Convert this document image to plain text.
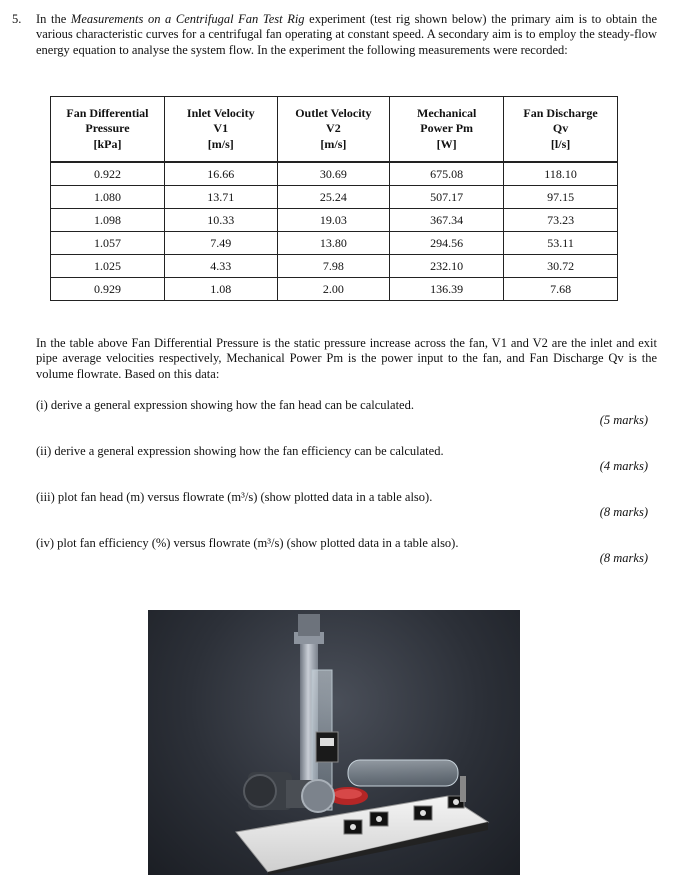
5. In the Measurements on a Centrifugal Fan Test Rig experiment (test rig shown below) the primary aim is to obtain the various characteristic curves for a centrifugal fan operating at constant speed. A secondary aim is to employ the steady-flow energy equation to analyse the system flow. In the experiment the following measurements were recorded:

Fan Differential
Pressure
[kPa]	Inlet Velocity
V1
[m/s]	Outlet Velocity
V2
[m/s]	Mechanical
Power Pm
[W]	Fan Discharge
Qv
[l/s]
0.922	16.66	30.69	675.08	118.10
1.080	13.71	25.24	507.17	97.15
1.098	10.33	19.03	367.34	73.23
1.057	7.49	13.80	294.56	53.11
1.025	4.33	7.98	232.10	30.72
0.929	1.08	2.00	136.39	7.68

In the table above Fan Differential Pressure is the static pressure increase across the fan, V1 and V2 are the inlet and exit pipe average velocities respectively, Mechanical Power Pm is the power input to the fan, and Fan Discharge Qv is the volume flowrate. Based on this data:

(i) derive a general expression showing how the fan head can be calculated.
(5 marks)
(ii) derive a general expression showing how the fan efficiency can be calculated.
(4 marks)
(iii) plot fan head (m) versus flowrate (m³/s) (show plotted data in a table also).
(8 marks)
(iv) plot fan efficiency (%) versus flowrate (m³/s) (show plotted data in a table also).
(8 marks)
